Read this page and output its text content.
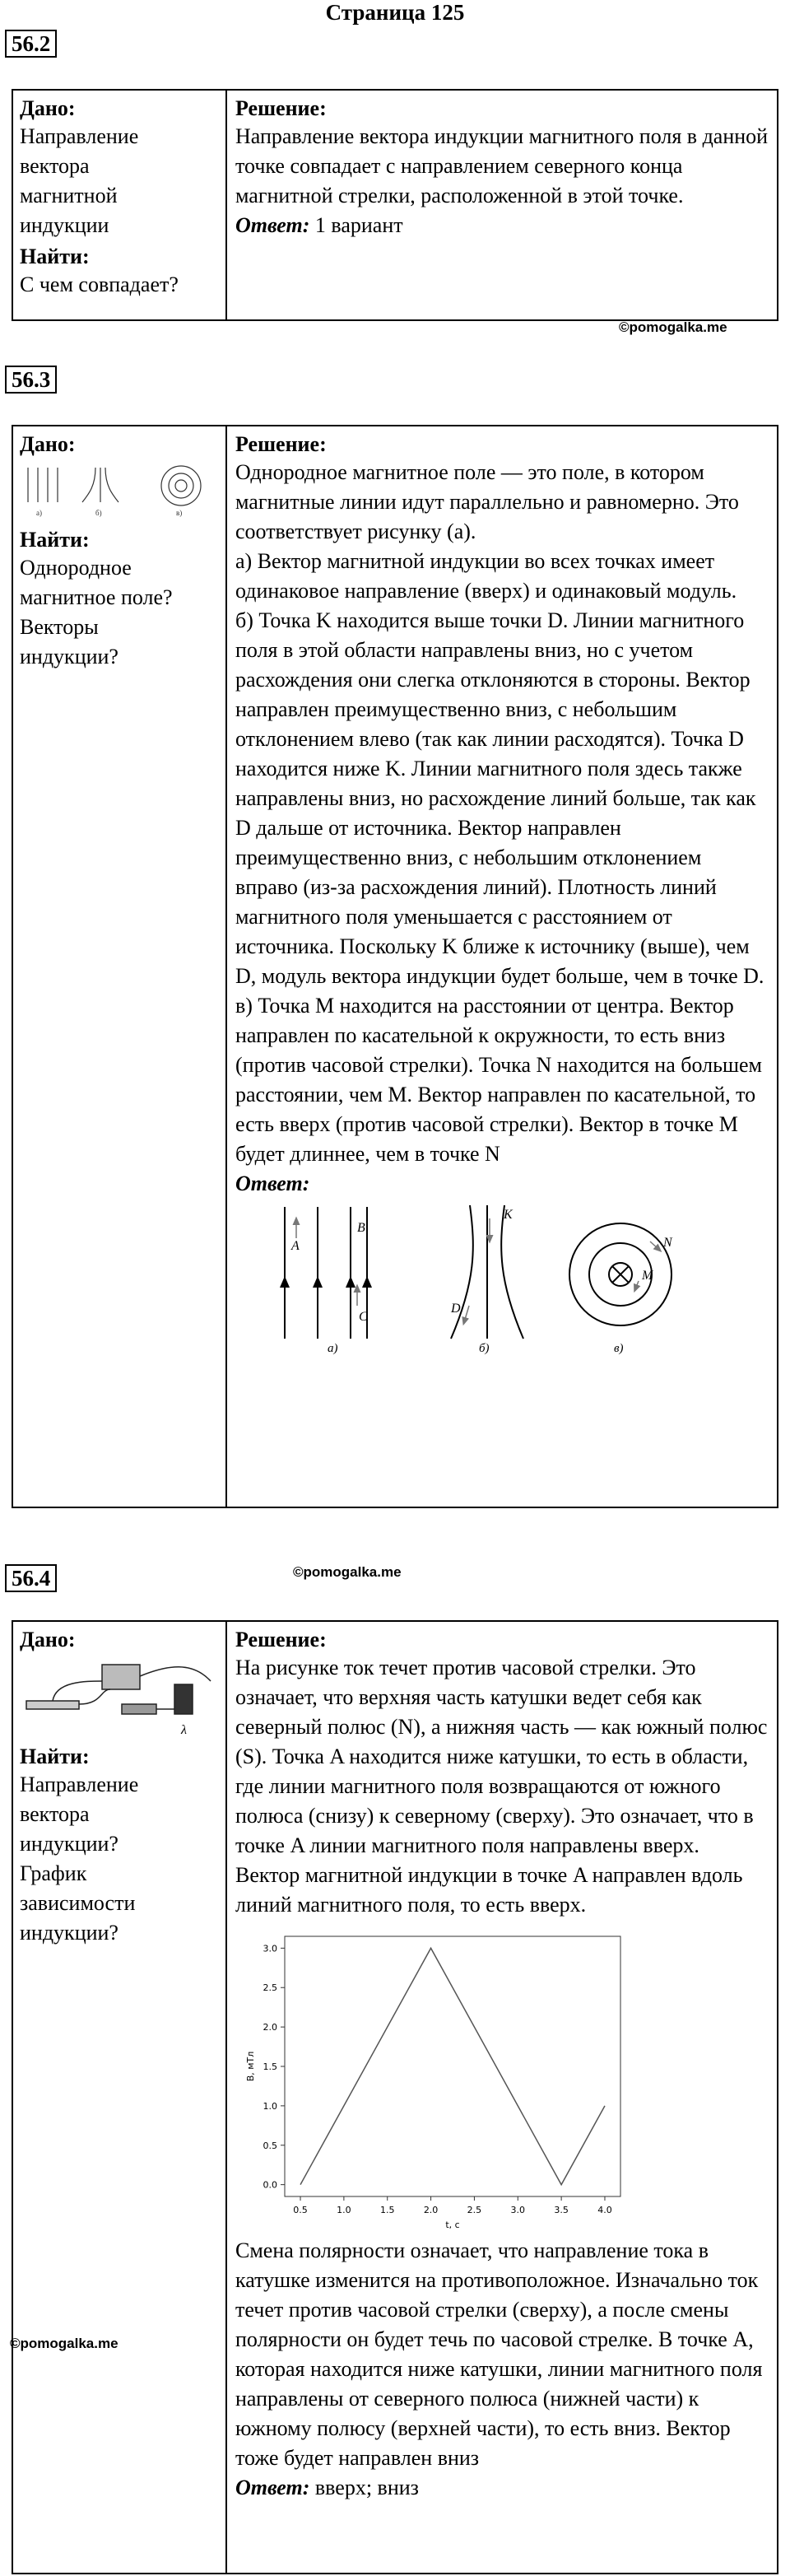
Страница 125
56.2
Дано:
Направление
вектора
магнитной
индукции
Найти:
С чем совпадает?
Решение:

Направление вектора индукции магнитного поля в данной точке совпадает с направлением северного конца магнитной стрелки, расположенной в этой точке.

Ответ: 1 вариант

©pomogalka.me
56.3
Дано:
а)	б)	в)
Найти:
Однородное
магнитное поле?
Векторы
индукции?
Решение:

Однородное магнитное поле — это поле, в котором магнитные линии идут параллельно и равномерно. Это соответствует рисунку (а).

а) Вектор магнитной индукции во всех точках имеет одинаковое направление (вверх) и одинаковый модуль.

б) Точка K находится выше точки D. Линии магнитного поля в этой области направлены вниз, но с учетом расхождения они слегка отклоняются в стороны. Вектор направлен преимущественно вниз, с небольшим отклонением влево (так как линии расходятся). Точка D находится ниже K. Линии магнитного поля здесь также направлены вниз, но расхождение линий больше, так как D дальше от источника. Вектор направлен преимущественно вниз, с небольшим отклонением вправо (из-за расхождения линий). Плотность линий магнитного поля уменьшается с расстоянием от источника. Поскольку K ближе к источнику (выше), чем D, модуль вектора индукции будет больше, чем в точке D.

в) Точка M находится на расстоянии от центра. Вектор направлен по касательной к окружности, то есть вниз (против часовой стрелки). Точка N находится на большем расстоянии, чем M. Вектор направлен по касательной, то есть вверх (против часовой стрелки). Вектор в точке M будет длиннее, чем в точке N

Ответ:

A
B
C
K
D
N
M
а)	б)	в)
©pomogalka.me
56.4
Дано:
λ
Найти:
Направление
вектора
индукции?
График
зависимости
индукции?
Решение:

На рисунке ток течет против часовой стрелки. Это означает, что верхняя часть катушки ведет себя как северный полюс (N), а нижняя часть — как южный полюс (S). Точка A находится ниже катушки, то есть в области, где линии магнитного поля возвращаются от южного полюса (снизу) к северному (сверху). Это означает, что в точке A линии магнитного поля направлены вверх. Вектор магнитной индукции в точке A направлен вдоль линий магнитного поля, то есть вверх.

0.5	1.0	1.5	2.0	2.5	3.0	3.5	4.0
0.0
0.5
1.0
1.5
2.0
2.5
3.0
t, c
B, мТл

Смена полярности означает, что направление тока в катушке изменится на противоположное. Изначально ток течет против часовой стрелки (сверху), а после смены полярности он будет течь по часовой стрелке. В точке A, которая находится ниже катушки, линии магнитного поля направлены от северного полюса (нижней части) к южному полюсу (верхней части), то есть вниз. Вектор тоже будет направлен вниз

Ответ: вверх; вниз

©pomogalka.me
